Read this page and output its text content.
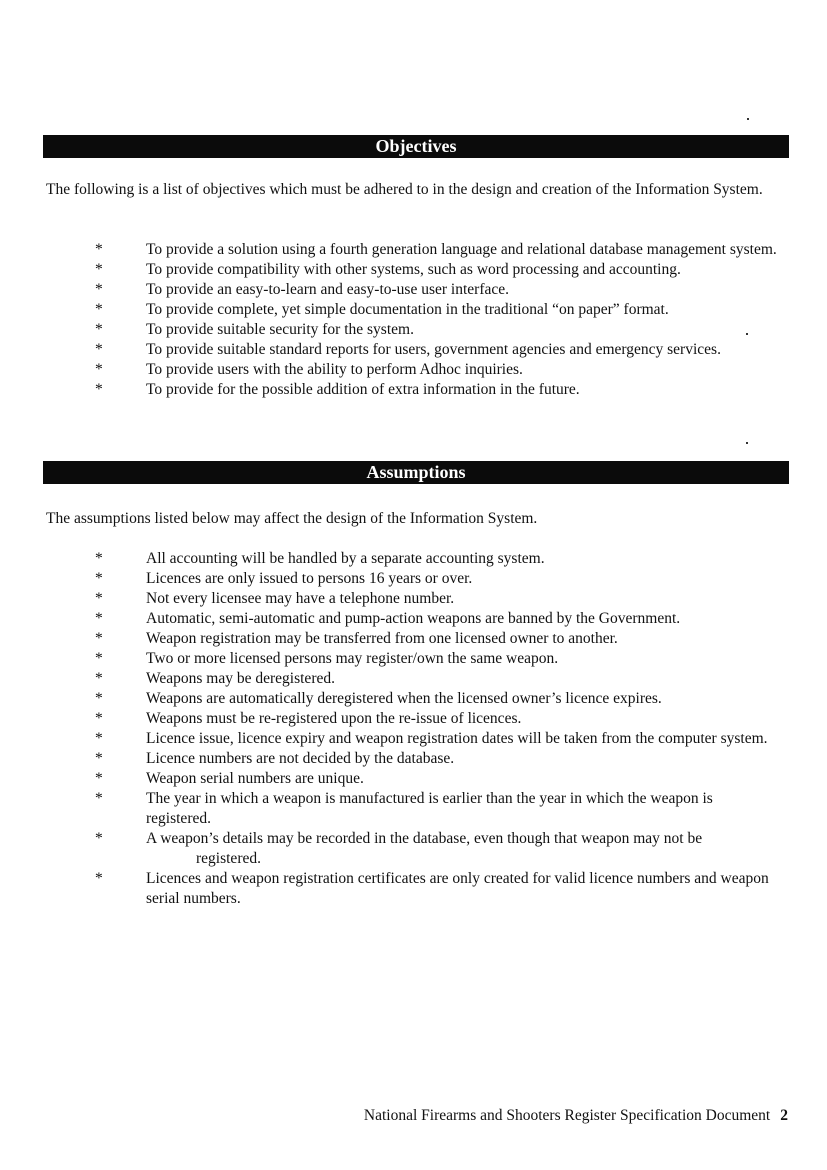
Objectives

The following is a list of objectives which must be adhered to in the design and creation of the Information System.

*	To provide a solution using a fourth generation language and relational database management system.
*	To provide compatibility with other systems, such as word processing and accounting.
*	To provide an easy-to-learn and easy-to-use user interface.
*	To provide complete, yet simple documentation in the traditional “on paper” format.
*	To provide suitable security for the system.
*	To provide suitable standard reports for users, government agencies and emergency services.
*	To provide users with the ability to perform Adhoc inquiries.
*	To provide for the possible addition of extra information in the future.
Assumptions

The assumptions listed below may affect the design of the Information System.

*	All accounting will be handled by a separate accounting system.
*	Licences are only issued to persons 16 years or over.
*	Not every licensee may have a telephone number.
*	Automatic, semi-automatic and pump-action weapons are banned by the Government.
*	Weapon registration may be transferred from one licensed owner to another.
*	Two or more licensed persons may register/own the same weapon.
*	Weapons may be deregistered.
*	Weapons are automatically deregistered when the licensed owner’s licence expires.
*	Weapons must be re-registered upon the re-issue of licences.
*	Licence issue, licence expiry and weapon registration dates will be taken from the computer system.
*	Licence numbers are not decided by the database.
*	Weapon serial numbers are unique.
*	The year in which a weapon is manufactured is earlier than the year in which the weapon is registered.
*	A weapon’s details may be recorded in the database, even though that weapon may not be
registered.
*	Licences and weapon registration certificates are only created for valid licence numbers and weapon serial numbers.
National Firearms and Shooters Register Specification Document 2
